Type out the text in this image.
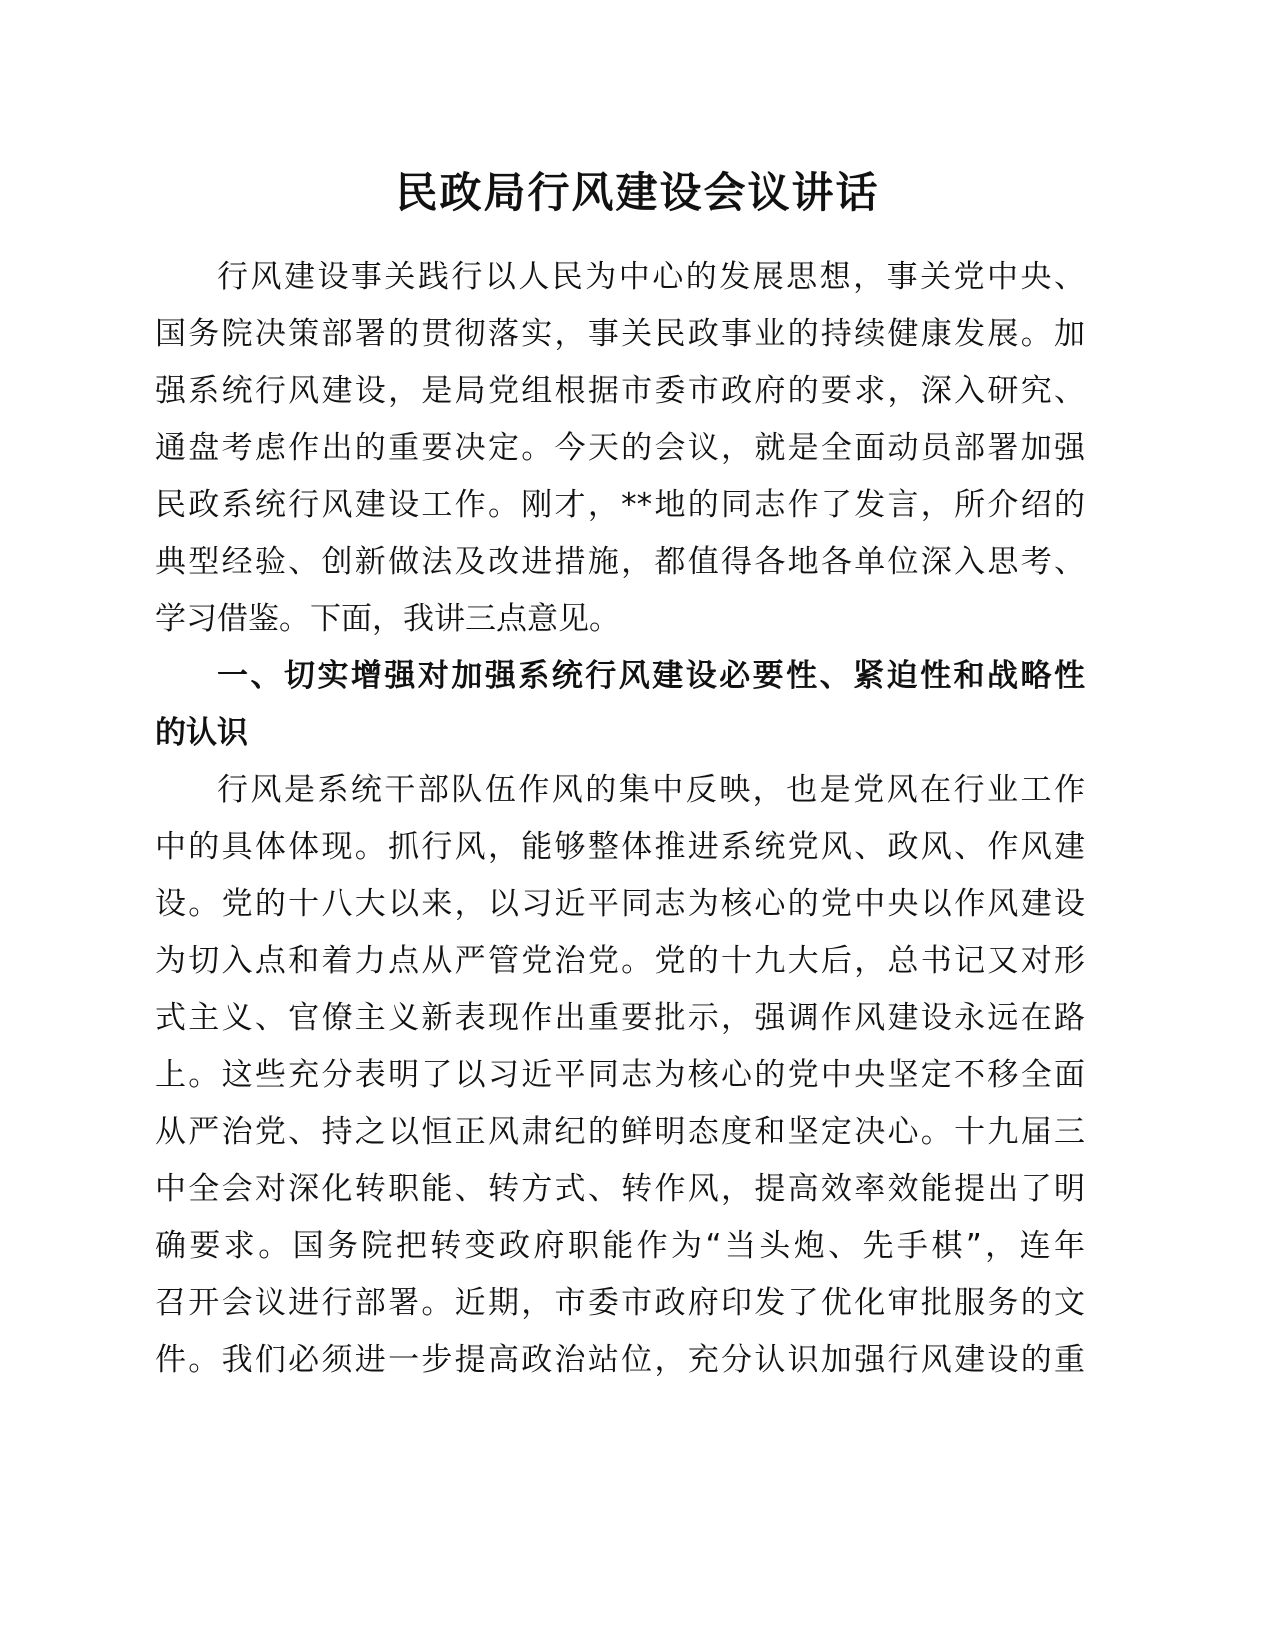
民政局行风建设会议讲话
行风建设事关践行以人民为中心的发展思想，事关党中央、
国务院决策部署的贯彻落实，事关民政事业的持续健康发展。加
强系统行风建设，是局党组根据市委市政府的要求，深入研究、
通盘考虑作出的重要决定。今天的会议，就是全面动员部署加强
民政系统行风建设工作。刚才，**地的同志作了发言，所介绍的
典型经验、创新做法及改进措施，都值得各地各单位深入思考、
学习借鉴。下面，我讲三点意见。
一、切实增强对加强系统行风建设必要性、紧迫性和战略性
的认识
行风是系统干部队伍作风的集中反映，也是党风在行业工作
中的具体体现。抓行风，能够整体推进系统党风、政风、作风建
设。党的十八大以来，以习近平同志为核心的党中央以作风建设
为切入点和着力点从严管党治党。党的十九大后，总书记又对形
式主义、官僚主义新表现作出重要批示，强调作风建设永远在路
上。这些充分表明了以习近平同志为核心的党中央坚定不移全面
从严治党、持之以恒正风肃纪的鲜明态度和坚定决心。十九届三
中全会对深化转职能、转方式、转作风，提高效率效能提出了明
确要求。国务院把转变政府职能作为“当头炮、先手棋”，连年
召开会议进行部署。近期，市委市政府印发了优化审批服务的文
件。我们必须进一步提高政治站位，充分认识加强行风建设的重
